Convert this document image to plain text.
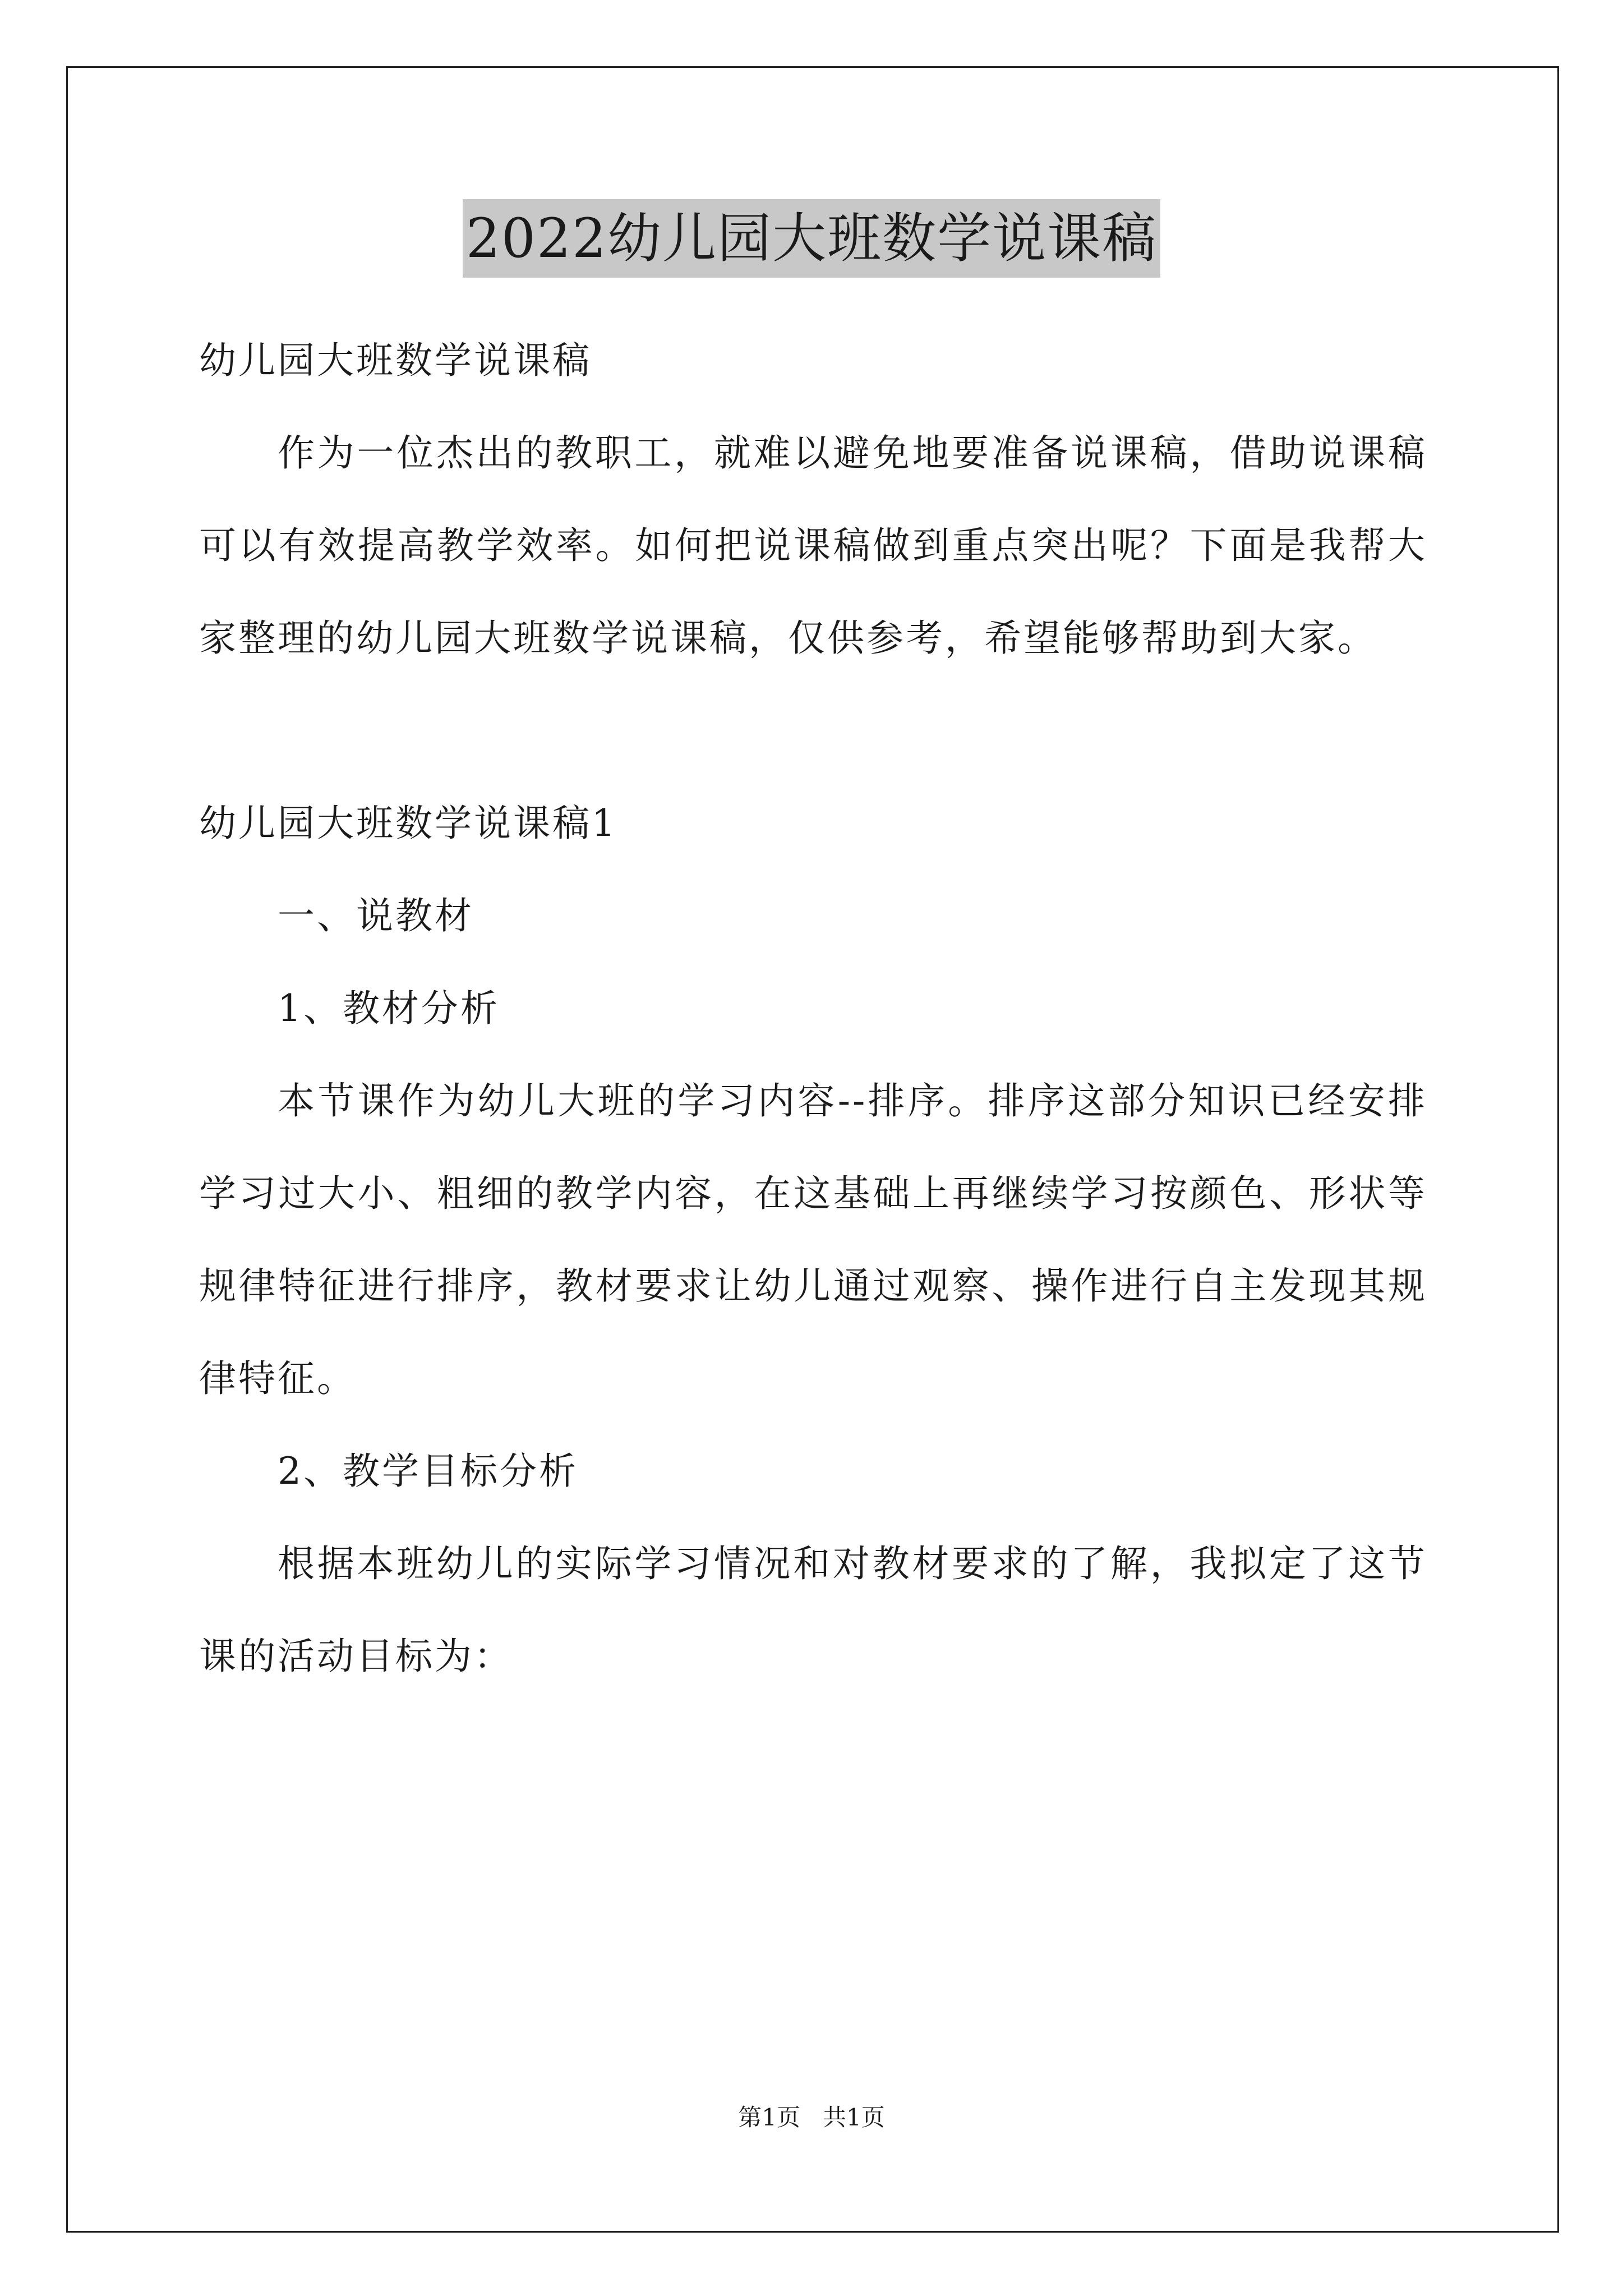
2022幼儿园大班数学说课稿

幼儿园大班数学说课稿

作为一位杰出的教职工，就难以避免地要准备说课稿，借助说课稿可以有效提高教学效率。如何把说课稿做到重点突出呢？下面是我帮大家整理的幼儿园大班数学说课稿，仅供参考，希望能够帮助到大家。

幼儿园大班数学说课稿1

一、说教材

1、教材分析

本节课作为幼儿大班的学习内容--排序。排序这部分知识已经安排学习过大小、粗细的教学内容，在这基础上再继续学习按颜色、形状等规律特征进行排序，教材要求让幼儿通过观察、操作进行自主发现其规律特征。

2、教学目标分析

根据本班幼儿的实际学习情况和对教材要求的了解，我拟定了这节课的活动目标为：

第1页   共1页
